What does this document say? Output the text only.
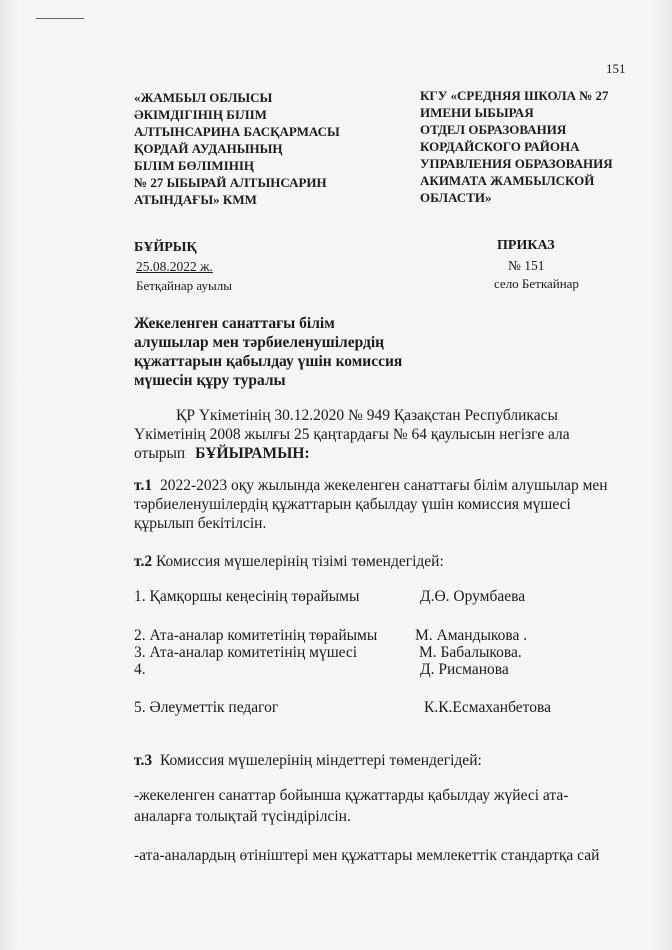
151
«ЖАМБЫЛ ОБЛЫСЫ
ӘКІМДІГІНІҢ БІЛІМ
АЛТЫНСАРИНА БАСҚАРМАСЫ
ҚОРДАЙ АУДАНЫНЫҢ
БІЛІМ БӨЛІМІНІҢ
№ 27 ЫБЫРАЙ АЛТЫНСАРИН
АТЫНДАҒЫ» КММ
КГУ «СРЕДНЯЯ ШКОЛА № 27
ИМЕНИ ЫБЫРАЯ
ОТДЕЛ ОБРАЗОВАНИЯ
КОРДАЙСКОГО РАЙОНА
УПРАВЛЕНИЯ ОБРАЗОВАНИЯ
АКИМАТА ЖАМБЫЛСКОЙ
ОБЛАСТИ»
БҰЙРЫҚ
25.08.2022 ж.
Бетқайнар ауылы
ПРИКАЗ
№ 151
село Беткайнар
Жекеленген санаттағы білім
алушылар мен тәрбиеленушілердің
құжаттарын қабылдау үшін комиссия
мүшесін құру туралы
ҚР Үкіметінің 30.12.2020 № 949 Қазақстан Республикасы
Үкіметінің 2008 жылғы 25 қаңтардағы № 64 қаулысын негізге ала
отырып БҰЙЫРАМЫН:
т.1 2022-2023 оқу жылында жекеленген санаттағы білім алушылар мен
тәрбиеленушілердің құжаттарын қабылдау үшін комиссия мүшесі
құрылып бекітілсін.
т.2 Комиссия мүшелерінің тізімі төмендегідей:
1. Қамқоршы кеңесінің төрайымы	Д.Ө. Орумбаева
2. Ата-аналар комитетінің төрайымы М. Амандыкова .
3. Ата-аналар комитетінің мүшесі	М. Бабалыкова.
4.	Д. Рисманова
5. Әлеуметтік педагог	К.К.Есмаханбетова
т.3 Комиссия мүшелерінің міндеттері төмендегідей:
-жекеленген санаттар бойынша құжаттарды қабылдау жүйесі ата-
аналарға толықтай түсіндірілсін.
-ата-аналардың өтініштері мен құжаттары мемлекеттік стандартқа сай
